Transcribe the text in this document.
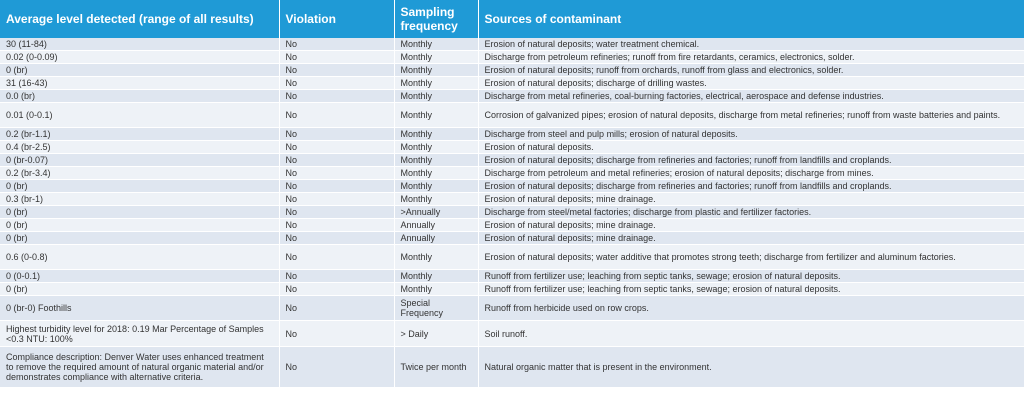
Average level detected (range of all results)	Violation	Sampling frequency	Sources of contaminant
30 (11-84)	No	Monthly	Erosion of natural deposits; water treatment chemical.
0.02 (0-0.09)	No	Monthly	Discharge from petroleum refineries; runoff from fire retardants, ceramics, electronics, solder.
0 (br)	No	Monthly	Erosion of natural deposits; runoff from orchards, runoff from glass and electronics, solder.
31 (16-43)	No	Monthly	Erosion of natural deposits; discharge of drilling wastes.
0.0 (br)	No	Monthly	Discharge from metal refineries, coal-burning factories, electrical, aerospace and defense industries.
0.01 (0-0.1)	No	Monthly	Corrosion of galvanized pipes; erosion of natural deposits, discharge from metal refineries; runoff from waste batteries and paints.
0.2 (br-1.1)	No	Monthly	Discharge from steel and pulp mills; erosion of natural deposits.
0.4 (br-2.5)	No	Monthly	Erosion of natural deposits.
0 (br-0.07)	No	Monthly	Erosion of natural deposits; discharge from refineries and factories; runoff from landfills and croplands.
0.2 (br-3.4)	No	Monthly	Discharge from petroleum and metal refineries; erosion of natural deposits; discharge from mines.
0 (br)	No	Monthly	Erosion of natural deposits; discharge from refineries and factories; runoff from landfills and croplands.
0.3 (br-1)	No	Monthly	Erosion of natural deposits; mine drainage.
0 (br)	No	>Annually	Discharge from steel/metal factories; discharge from plastic and fertilizer factories.
0 (br)	No	Annually	Erosion of natural deposits; mine drainage.
0 (br)	No	Annually	Erosion of natural deposits; mine drainage.
0.6 (0-0.8)	No	Monthly	Erosion of natural deposits; water additive that promotes strong teeth; discharge from fertilizer and aluminum factories.
0 (0-0.1)	No	Monthly	Runoff from fertilizer use; leaching from septic tanks, sewage; erosion of natural deposits.
0 (br)	No	Monthly	Runoff from fertilizer use; leaching from septic tanks, sewage; erosion of natural deposits.
0 (br-0) Foothills	No	Special Frequency	Runoff from herbicide used on row crops.
Highest turbidity level for 2018: 0.19 Mar Percentage of Samples <0.3 NTU: 100%	No	> Daily	Soil runoff.
Compliance description: Denver Water uses enhanced treatment to remove the required amount of natural organic material and/or demonstrates compliance with alternative criteria.	No	Twice per month	Natural organic matter that is present in the environment.
